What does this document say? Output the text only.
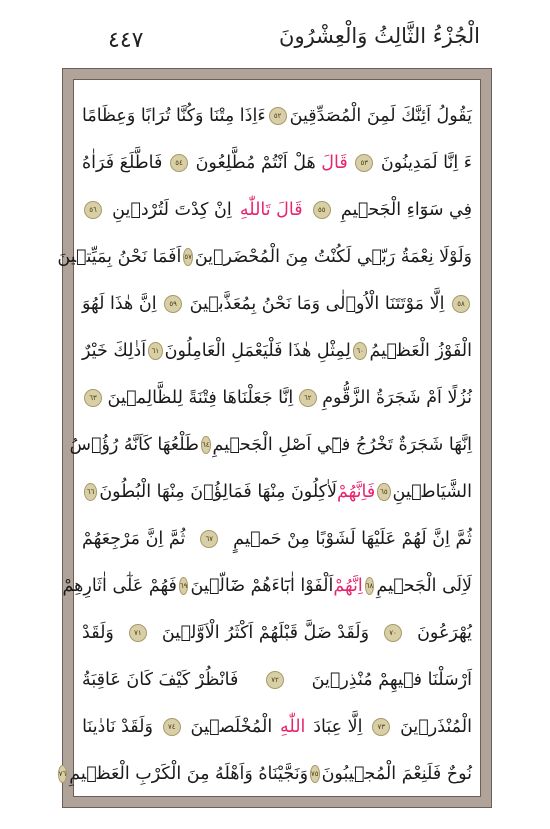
٤٤٧	الْجُزْءُ الثَّالِثُ وَالْعِشْرُونَ
يَقُولُ اَئِنَّكَ لَمِنَ الْمُصَدِّقِينَ
٥٢
ءَاِذَا مِتْنَا وَكُنَّا تُرَابًا وَعِظَامًا
ءَ اِنَّا لَمَدِينُونَ
٥٣
قَالَ
هَلْ اَنْتُمْ مُطَّلِعُونَ
٥٤
فَاطَّلَعَ فَرَاٰهُ
فِي سَوَٓاءِ الْجَح۪يمِ
٥٥
قَالَ تَاللّٰهِ
اِنْ كِدْتَ لَتُرْد۪ينِ
٥٦
وَلَوْلَا نِعْمَةُ رَبّ۪ي لَكُنْتُ مِنَ الْمُحْضَر۪ينَ
٥٧
اَفَمَا نَحْنُ بِمَيِّت۪ينَ
٥٨
اِلَّا مَوْتَتَنَا الْاُو۫لٰى وَمَا نَحْنُ بِمُعَذَّب۪ينَ
٥٩
اِنَّ هٰذَا لَهُوَ
الْفَوْزُ الْعَظ۪يمُ
٦٠
لِمِثْلِ هٰذَا فَلْيَعْمَلِ الْعَامِلُونَ
٦١
اَذٰلِكَ خَيْرٌ
نُزُلًا اَمْ شَجَرَةُ الزَّقُّومِ
٦٢
اِنَّا جَعَلْنَاهَا فِتْنَةً لِلظَّالِم۪ينَ
٦٣
اِنَّهَا شَجَرَةٌ تَخْرُجُ ف۪ٓي اَصْلِ الْجَح۪يمِ
٦٤
طَلْعُهَا كَاَنَّهُ رُؤُ۫سُ
الشَّيَاط۪ينِ
٦٥
فَاِنَّهُمْ
لَاٰكِلُونَ مِنْهَا فَمَالِؤُ۫نَ مِنْهَا الْبُطُونَ
٦٦
ثُمَّ اِنَّ لَهُمْ عَلَيْهَا لَشَوْبًا مِنْ حَم۪يمٍ
٦٧
ثُمَّ اِنَّ مَرْجِعَهُمْ
لَاِلَى الْجَح۪يمِ
٦٨
اِنَّهُمْ
اَلْفَوْا اٰبَٓاءَهُمْ ضَٓالّ۪ينَ
٦٩
فَهُمْ عَلٰٓى اٰثَارِهِمْ
يُهْرَعُونَ
٧٠
وَلَقَدْ ضَلَّ قَبْلَهُمْ اَكْثَرُ الْاَوَّل۪ينَ
٧١
وَلَقَدْ
اَرْسَلْنَا ف۪يهِمْ مُنْذِر۪ينَ
٧٢
فَانْظُرْ كَيْفَ كَانَ عَاقِبَةُ
الْمُنْذَر۪ينَ
٧٣
اِلَّا عِبَادَ
اللّٰهِ
الْمُخْلَص۪ينَ
٧٤
وَلَقَدْ نَادٰينَا
نُوحٌ فَلَنِعْمَ الْمُج۪يبُونَ
٧٥
وَنَجَّيْنَاهُ وَاَهْلَهُ مِنَ الْكَرْبِ الْعَظ۪يمِ
٧٦
